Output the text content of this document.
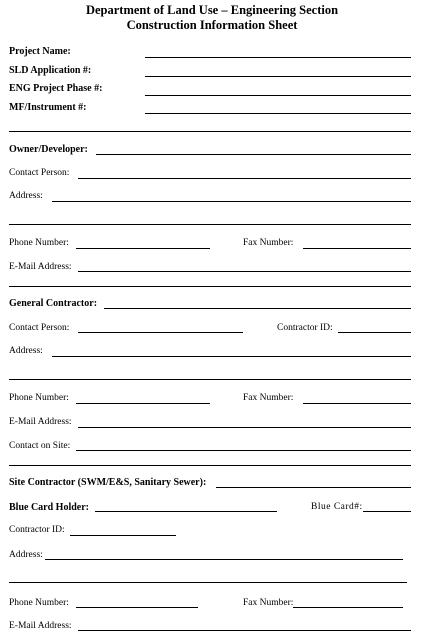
Department of Land Use – Engineering Section
Construction Information Sheet
Project Name:
SLD Application #:
ENG Project Phase #:
MF/Instrument #:
Owner/Developer:
Contact Person:
Address:
Phone Number:	Fax Number:
E-Mail Address:
General Contractor:
Contact Person:	Contractor ID:
Address:
Phone Number:	Fax Number:
E-Mail Address:
Contact on Site:
Site Contractor (SWM/E&S, Sanitary Sewer):
Blue Card Holder:	Blue Card#:
Contractor ID:
Address:
Phone Number:	Fax Number:
E-Mail Address:
